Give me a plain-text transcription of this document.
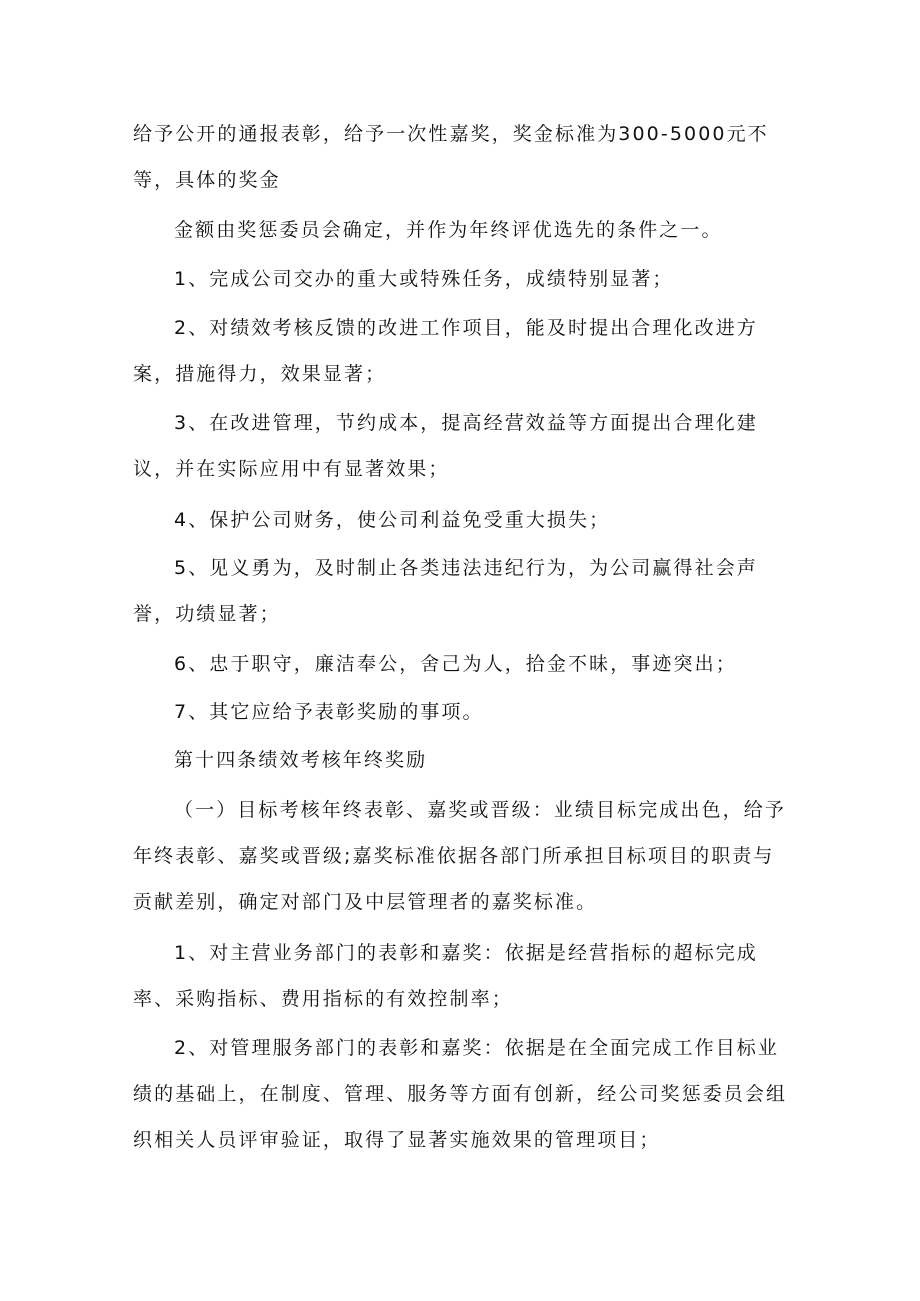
给予公开的通报表彰，给予一次性嘉奖，奖金标准为300-5000元不等，具体的奖金

金额由奖惩委员会确定，并作为年终评优选先的条件之一。

1、完成公司交办的重大或特殊任务，成绩特别显著；

2、对绩效考核反馈的改进工作项目，能及时提出合理化改进方案，措施得力，效果显著；

3、在改进管理，节约成本，提高经营效益等方面提出合理化建议，并在实际应用中有显著效果；

4、保护公司财务，使公司利益免受重大损失；

5、见义勇为，及时制止各类违法违纪行为，为公司赢得社会声誉，功绩显著；

6、忠于职守，廉洁奉公，舍己为人，拾金不昧，事迹突出；

7、其它应给予表彰奖励的事项。

第十四条绩效考核年终奖励

（一）目标考核年终表彰、嘉奖或晋级：业绩目标完成出色，给予年终表彰、嘉奖或晋级;嘉奖标准依据各部门所承担目标项目的职责与贡献差别，确定对部门及中层管理者的嘉奖标准。

1、对主营业务部门的表彰和嘉奖：依据是经营指标的超标完成率、采购指标、费用指标的有效控制率；

2、对管理服务部门的表彰和嘉奖：依据是在全面完成工作目标业绩的基础上，在制度、管理、服务等方面有创新，经公司奖惩委员会组织相关人员评审验证，取得了显著实施效果的管理项目；
